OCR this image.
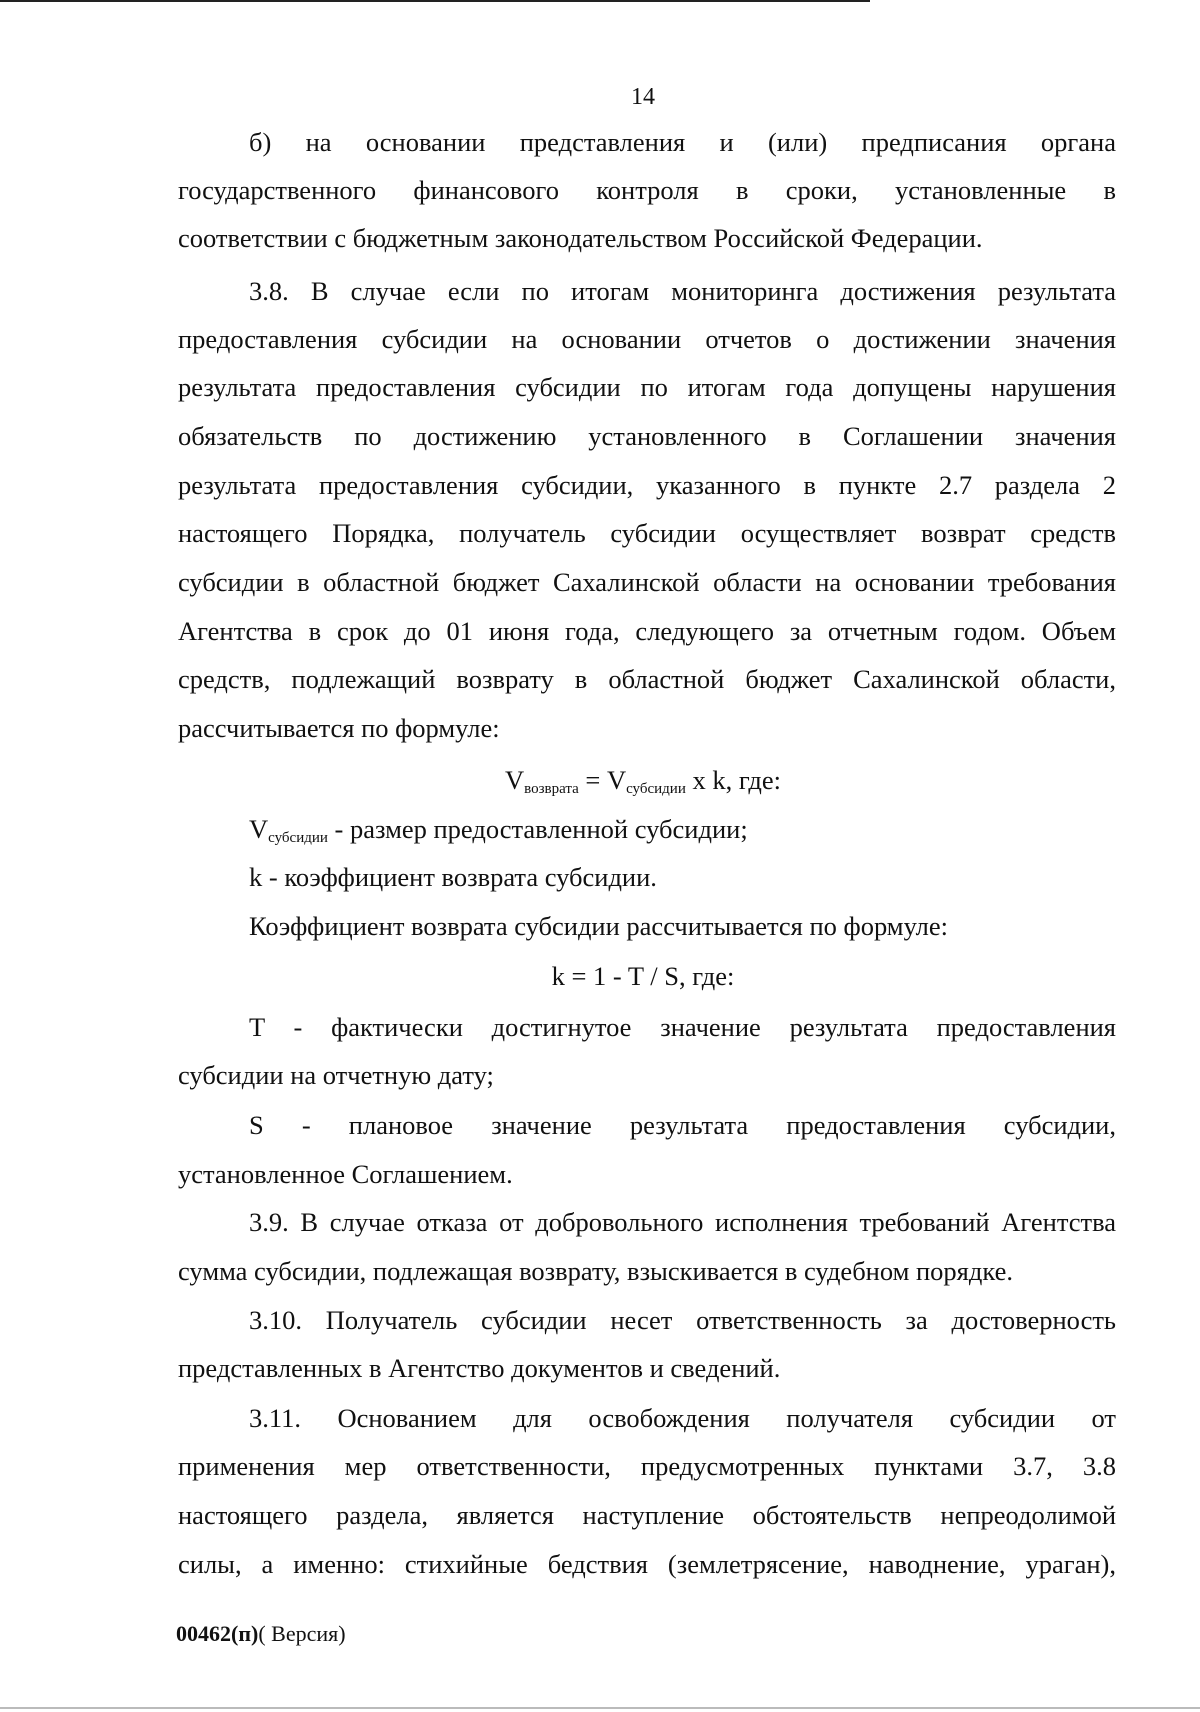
14
б) на основании представления и (или) предписания органа
государственного финансового контроля в сроки, установленные в
соответствии с бюджетным законодательством Российской Федерации.
3.8. В случае если по итогам мониторинга достижения результата
предоставления субсидии на основании отчетов о достижении значения
результата предоставления субсидии по итогам года допущены нарушения
обязательств по достижению установленного в Соглашении значения
результата предоставления субсидии, указанного в пункте 2.7 раздела 2
настоящего Порядка, получатель субсидии осуществляет возврат средств
субсидии в областной бюджет Сахалинской области на основании требования
Агентства в срок до 01 июня года, следующего за отчетным годом. Объем
средств, подлежащий возврату в областной бюджет Сахалинской области,
рассчитывается по формуле:
$V_{возврата} = V_{субсидии}$ x k, где:
$V_{субсидии}$ - размер предоставленной субсидии;
k - коэффициент возврата субсидии.
Коэффициент возврата субсидии рассчитывается по формуле:
k = 1 - T / S, где:
T - фактически достигнутое значение результата предоставления
субсидии на отчетную дату;
S - плановое значение результата предоставления субсидии,
установленное Соглашением.
3.9. В случае отказа от добровольного исполнения требований Агентства
сумма субсидии, подлежащая возврату, взыскивается в судебном порядке.
3.10. Получатель субсидии несет ответственность за достоверность
представленных в Агентство документов и сведений.
3.11. Основанием для освобождения получателя субсидии от
применения мер ответственности, предусмотренных пунктами 3.7, 3.8
настоящего раздела, является наступление обстоятельств непреодолимой
силы, а именно: стихийные бедствия (землетрясение, наводнение, ураган),
00462(п)( Версия)
